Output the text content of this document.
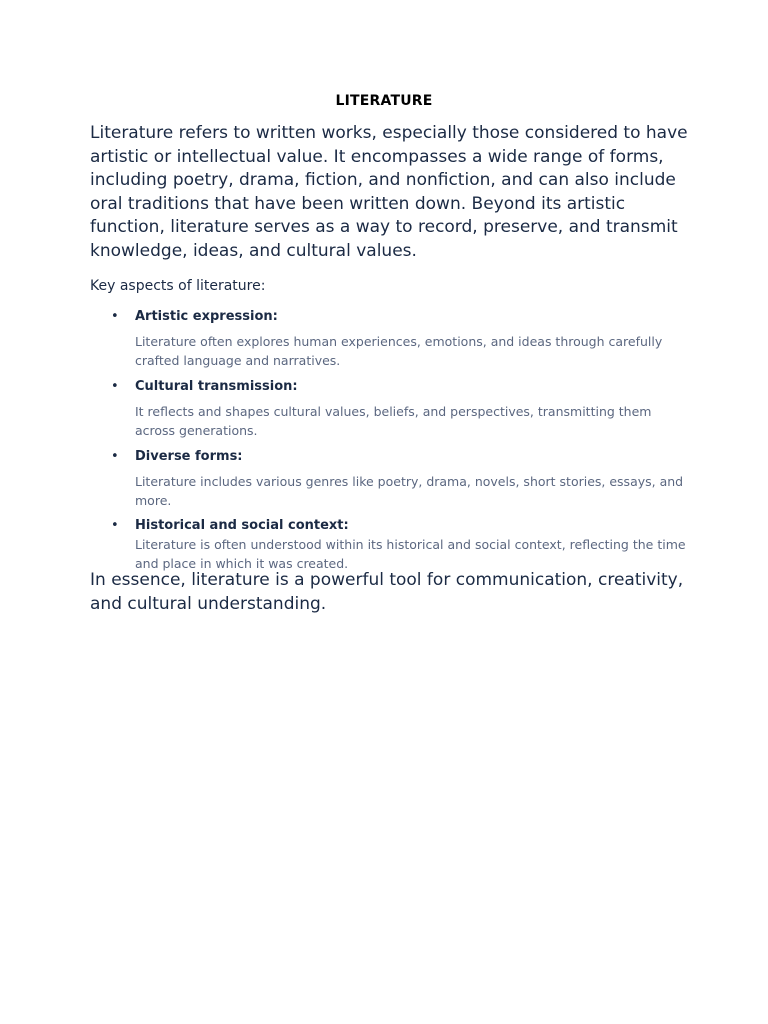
LITERATURE

Literature refers to written works, especially those considered to have artistic or intellectual value. It encompasses a wide range of forms, including poetry, drama, fiction, and nonfiction, and can also include oral traditions that have been written down. Beyond its artistic function, literature serves as a way to record, preserve, and transmit knowledge, ideas, and cultural values.

Key aspects of literature:

• Artistic expression:

Literature often explores human experiences, emotions, and ideas through carefully crafted language and narratives.

• Cultural transmission:

It reflects and shapes cultural values, beliefs, and perspectives, transmitting them across generations.

• Diverse forms:

Literature includes various genres like poetry, drama, novels, short stories, essays, and more.

• Historical and social context:

Literature is often understood within its historical and social context, reflecting the time and place in which it was created.

In essence, literature is a powerful tool for communication, creativity, and cultural understanding.
